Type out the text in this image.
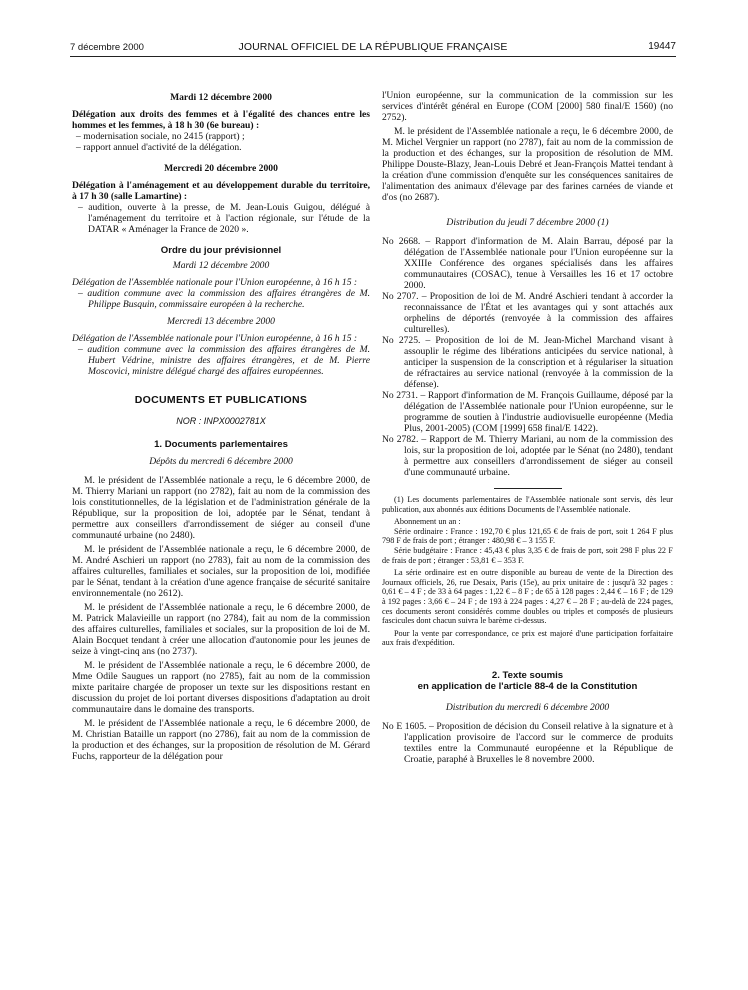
7 décembre 2000	JOURNAL OFFICIEL DE LA RÉPUBLIQUE FRANÇAISE	19447

Mardi 12 décembre 2000

Délégation aux droits des femmes et à l'égalité des chances entre les hommes et les femmes, à 18 h 30 (6e bureau) :

– modernisation sociale, no 2415 (rapport) ;

– rapport annuel d'activité de la délégation.

Mercredi 20 décembre 2000

Délégation à l'aménagement et au développement durable du territoire, à 17 h 30 (salle Lamartine) :

– audition, ouverte à la presse, de M. Jean-Louis Guigou, délégué à l'aménagement du territoire et à l'action régionale, sur l'étude de la DATAR « Aménager la France de 2020 ».

Ordre du jour prévisionnel

Mardi 12 décembre 2000

Délégation de l'Assemblée nationale pour l'Union européenne, à 16 h 15 :

– audition commune avec la commission des affaires étrangères de M. Philippe Busquin, commissaire européen à la recherche.

Mercredi 13 décembre 2000

Délégation de l'Assemblée nationale pour l'Union européenne, à 16 h 15 :

– audition commune avec la commission des affaires étrangères de M. Hubert Védrine, ministre des affaires étrangères, et de M. Pierre Moscovici, ministre délégué chargé des affaires européennes.

DOCUMENTS ET PUBLICATIONS

NOR : INPX0002781X

1. Documents parlementaires

Dépôts du mercredi 6 décembre 2000

M. le président de l'Assemblée nationale a reçu, le 6 décembre 2000, de M. Thierry Mariani un rapport (no 2782), fait au nom de la commission des lois constitutionnelles, de la législation et de l'administration générale de la République, sur la proposition de loi, adoptée par le Sénat, tendant à permettre aux conseillers d'arrondissement de siéger au conseil d'une communauté urbaine (no 2480).

M. le président de l'Assemblée nationale a reçu, le 6 décembre 2000, de M. André Aschieri un rapport (no 2783), fait au nom de la commission des affaires culturelles, familiales et sociales, sur la proposition de loi, modifiée par le Sénat, tendant à la création d'une agence française de sécurité sanitaire environnementale (no 2612).

M. le président de l'Assemblée nationale a reçu, le 6 décembre 2000, de M. Patrick Malavieille un rapport (no 2784), fait au nom de la commission des affaires culturelles, familiales et sociales, sur la proposition de loi de M. Alain Bocquet tendant à créer une allocation d'autonomie pour les jeunes de seize à vingt-cinq ans (no 2737).

M. le président de l'Assemblée nationale a reçu, le 6 décembre 2000, de Mme Odile Saugues un rapport (no 2785), fait au nom de la commission mixte paritaire chargée de proposer un texte sur les dispositions restant en discussion du projet de loi portant diverses dispositions d'adaptation au droit communautaire dans le domaine des transports.

M. le président de l'Assemblée nationale a reçu, le 6 décembre 2000, de M. Christian Bataille un rapport (no 2786), fait au nom de la commission de la production et des échanges, sur la proposition de résolution de M. Gérard Fuchs, rapporteur de la délégation pour

l'Union européenne, sur la communication de la commission sur les services d'intérêt général en Europe (COM [2000] 580 final/E 1560) (no 2752).

M. le président de l'Assemblée nationale a reçu, le 6 décembre 2000, de M. Michel Vergnier un rapport (no 2787), fait au nom de la commission de la production et des échanges, sur la proposition de résolution de MM. Philippe Douste-Blazy, Jean-Louis Debré et Jean-François Mattei tendant à la création d'une commission d'enquête sur les conséquences sanitaires de l'alimentation des animaux d'élevage par des farines carnées de viande et d'os (no 2687).

Distribution du jeudi 7 décembre 2000 (1)

No 2668. – Rapport d'information de M. Alain Barrau, déposé par la délégation de l'Assemblée nationale pour l'Union européenne sur la XXIIIe Conférence des organes spécialisés dans les affaires communautaires (COSAC), tenue à Versailles les 16 et 17 octobre 2000.

No 2707. – Proposition de loi de M. André Aschieri tendant à accorder la reconnaissance de l'État et les avantages qui y sont attachés aux orphelins de déportés (renvoyée à la commission des affaires culturelles).

No 2725. – Proposition de loi de M. Jean-Michel Marchand visant à assouplir le régime des libérations anticipées du service national, à anticiper la suspension de la conscription et à régulariser la situation de réfractaires au service national (renvoyée à la commission de la défense).

No 2731. – Rapport d'information de M. François Guillaume, déposé par la délégation de l'Assemblée nationale pour l'Union européenne, sur le programme de soutien à l'industrie audiovisuelle européenne (Media Plus, 2001-2005) (COM [1999] 658 final/E 1422).

No 2782. – Rapport de M. Thierry Mariani, au nom de la commission des lois, sur la proposition de loi, adoptée par le Sénat (no 2480), tendant à permettre aux conseillers d'arrondissement de siéger au conseil d'une communauté urbaine.

(1) Les documents parlementaires de l'Assemblée nationale sont servis, dès leur publication, aux abonnés aux éditions Documents de l'Assemblée nationale.

Abonnement un an :

Série ordinaire : France : 192,70 € plus 121,65 € de frais de port, soit 1 264 F plus 798 F de frais de port ; étranger : 480,98 € – 3 155 F.

Série budgétaire : France : 45,43 € plus 3,35 € de frais de port, soit 298 F plus 22 F de frais de port ; étranger : 53,81 € – 353 F.

La série ordinaire est en outre disponible au bureau de vente de la Direction des Journaux officiels, 26, rue Desaix, Paris (15e), au prix unitaire de : jusqu'à 32 pages : 0,61 € – 4 F ; de 33 à 64 pages : 1,22 € – 8 F ; de 65 à 128 pages : 2,44 € – 16 F ; de 129 à 192 pages : 3,66 € – 24 F ; de 193 à 224 pages : 4,27 € – 28 F ; au-delà de 224 pages, ces documents seront considérés comme doubles ou triples et composés de plusieurs fascicules dont chacun suivra le barème ci-dessus.

Pour la vente par correspondance, ce prix est majoré d'une participation forfaitaire aux frais d'expédition.

2. Texte soumis

en application de l'article 88-4 de la Constitution

Distribution du mercredi 6 décembre 2000

No E 1605. – Proposition de décision du Conseil relative à la signature et à l'application provisoire de l'accord sur le commerce de produits textiles entre la Communauté européenne et la République de Croatie, paraphé à Bruxelles le 8 novembre 2000.
